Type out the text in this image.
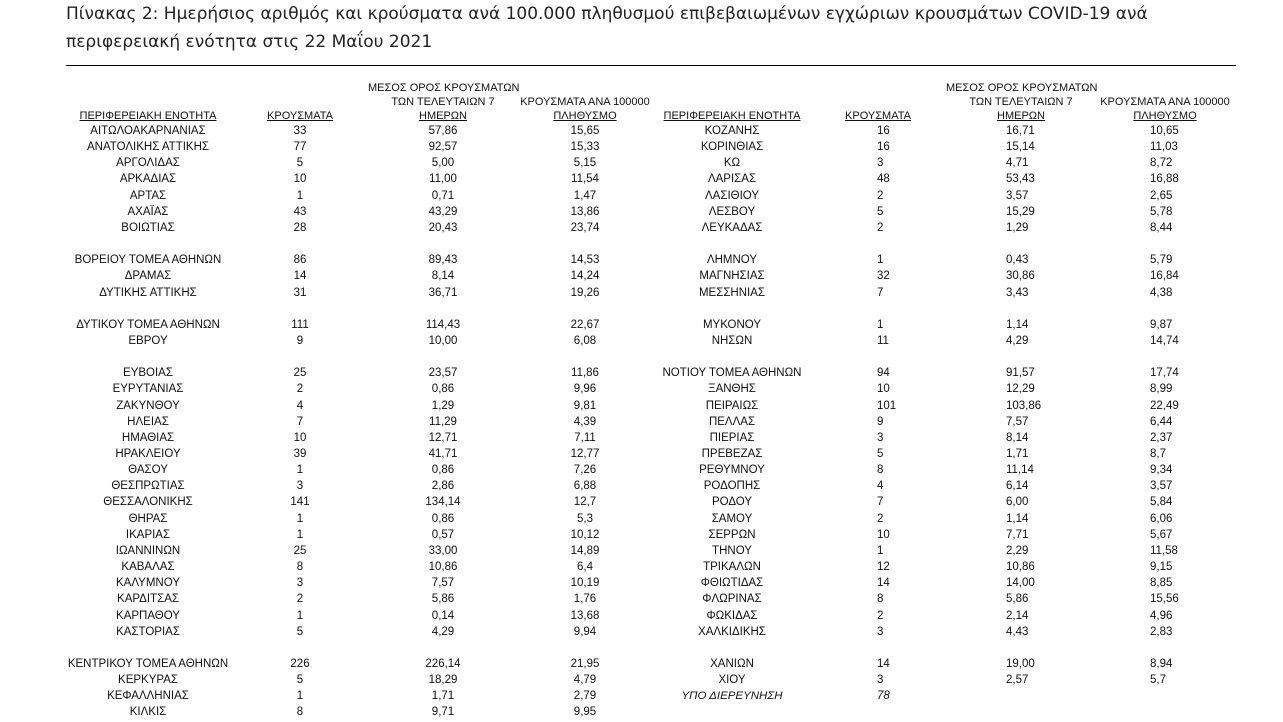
Πίνακας 2: Ημερήσιος αριθμός και κρούσματα ανά 100.000 πληθυσμού επιβεβαιωμένων εγχώριων κρουσμάτων COVID-19 ανά περιφερειακή ενότητα στις 22 Μαΐου 2021
ΠΕΡΙΦΕΡΕΙΑΚΗ ΕΝΟΤΗΤΑ	ΚΡΟΥΣΜΑΤΑ
ΜΕΣΟΣ ΟΡΟΣ ΚΡΟΥΣΜΑΤΩΝ
ΤΩΝ ΤΕΛΕΥΤΑΙΩΝ 7
ΗΜΕΡΩΝ
ΚΡΟΥΣΜΑΤΑ ΑΝΑ 100000
ΠΛΗΘΥΣΜΟ	ΠΕΡΙΦΕΡΕΙΑΚΗ ΕΝΟΤΗΤΑ	ΚΡΟΥΣΜΑΤΑ
ΜΕΣΟΣ ΟΡΟΣ ΚΡΟΥΣΜΑΤΩΝ
ΤΩΝ ΤΕΛΕΥΤΑΙΩΝ 7
ΗΜΕΡΩΝ
ΚΡΟΥΣΜΑΤΑ ΑΝΑ 100000
ΠΛΗΘΥΣΜΟ
ΑΙΤΩΛΟΑΚΑΡΝΑΝΙΑΣ	33	57,86	15,65
ΑΝΑΤΟΛΙΚΗΣ ΑΤΤΙΚΗΣ	77	92,57	15,33
ΑΡΓΟΛΙΔΑΣ	5	5,00	5,15
ΑΡΚΑΔΙΑΣ	10	11,00	11,54
ΑΡΤΑΣ	1	0,71	1,47
ΑΧΑΪΑΣ	43	43,29	13,86
ΒΟΙΩΤΙΑΣ	28	20,43	23,74
ΒΟΡΕΙΟΥ ΤΟΜΕΑ ΑΘΗΝΩΝ	86	89,43	14,53
ΔΡΑΜΑΣ	14	8,14	14,24
ΔΥΤΙΚΗΣ ΑΤΤΙΚΗΣ	31	36,71	19,26
ΔΥΤΙΚΟΥ ΤΟΜΕΑ ΑΘΗΝΩΝ	111	114,43	22,67
ΕΒΡΟΥ	9	10,00	6,08
ΕΥΒΟΙΑΣ	25	23,57	11,86
ΕΥΡΥΤΑΝΙΑΣ	2	0,86	9,96
ΖΑΚΥΝΘΟΥ	4	1,29	9,81
ΗΛΕΙΑΣ	7	11,29	4,39
ΗΜΑΘΙΑΣ	10	12,71	7,11
ΗΡΑΚΛΕΙΟΥ	39	41,71	12,77
ΘΑΣΟΥ	1	0,86	7,26
ΘΕΣΠΡΩΤΙΑΣ	3	2,86	6,88
ΘΕΣΣΑΛΟΝΙΚΗΣ	141	134,14	12,7
ΘΗΡΑΣ	1	0,86	5,3
ΙΚΑΡΙΑΣ	1	0,57	10,12
ΙΩΑΝΝΙΝΩΝ	25	33,00	14,89
ΚΑΒΑΛΑΣ	8	10,86	6,4
ΚΑΛΥΜΝΟΥ	3	7,57	10,19
ΚΑΡΔΙΤΣΑΣ	2	5,86	1,76
ΚΑΡΠΑΘΟΥ	1	0,14	13,68
ΚΑΣΤΟΡΙΑΣ	5	4,29	9,94
ΚΕΝΤΡΙΚΟΥ ΤΟΜΕΑ ΑΘΗΝΩΝ	226	226,14	21,95
ΚΕΡΚΥΡΑΣ	5	18,29	4,79
ΚΕΦΑΛΛΗΝΙΑΣ	1	1,71	2,79
ΚΙΛΚΙΣ	8	9,71	9,95
ΚΟΖΑΝΗΣ	16	16,71	10,65
ΚΟΡΙΝΘΙΑΣ	16	15,14	11,03
ΚΩ	3	4,71	8,72
ΛΑΡΙΣΑΣ	48	53,43	16,88
ΛΑΣΙΘΙΟΥ	2	3,57	2,65
ΛΕΣΒΟΥ	5	15,29	5,78
ΛΕΥΚΑΔΑΣ	2	1,29	8,44
ΛΗΜΝΟΥ	1	0,43	5,79
ΜΑΓΝΗΣΙΑΣ	32	30,86	16,84
ΜΕΣΣΗΝΙΑΣ	7	3,43	4,38
ΜΥΚΟΝΟΥ	1	1,14	9,87
ΝΗΣΩΝ	11	4,29	14,74
ΝΟΤΙΟΥ ΤΟΜΕΑ ΑΘΗΝΩΝ	94	91,57	17,74
ΞΑΝΘΗΣ	10	12,29	8,99
ΠΕΙΡΑΙΩΣ	101	103,86	22,49
ΠΕΛΛΑΣ	9	7,57	6,44
ΠΙΕΡΙΑΣ	3	8,14	2,37
ΠΡΕΒΕΖΑΣ	5	1,71	8,7
ΡΕΘΥΜΝΟΥ	8	11,14	9,34
ΡΟΔΟΠΗΣ	4	6,14	3,57
ΡΟΔΟΥ	7	6,00	5,84
ΣΑΜΟΥ	2	1,14	6,06
ΣΕΡΡΩΝ	10	7,71	5,67
ΤΗΝΟΥ	1	2,29	11,58
ΤΡΙΚΑΛΩΝ	12	10,86	9,15
ΦΘΙΩΤΙΔΑΣ	14	14,00	8,85
ΦΛΩΡΙΝΑΣ	8	5,86	15,56
ΦΩΚΙΔΑΣ	2	2,14	4,96
ΧΑΛΚΙΔΙΚΗΣ	3	4,43	2,83
ΧΑΝΙΩΝ	14	19,00	8,94
ΧΙΟΥ	3	2,57	5,7
ΥΠΟ ΔΙΕΡΕΥΝΗΣΗ	78
